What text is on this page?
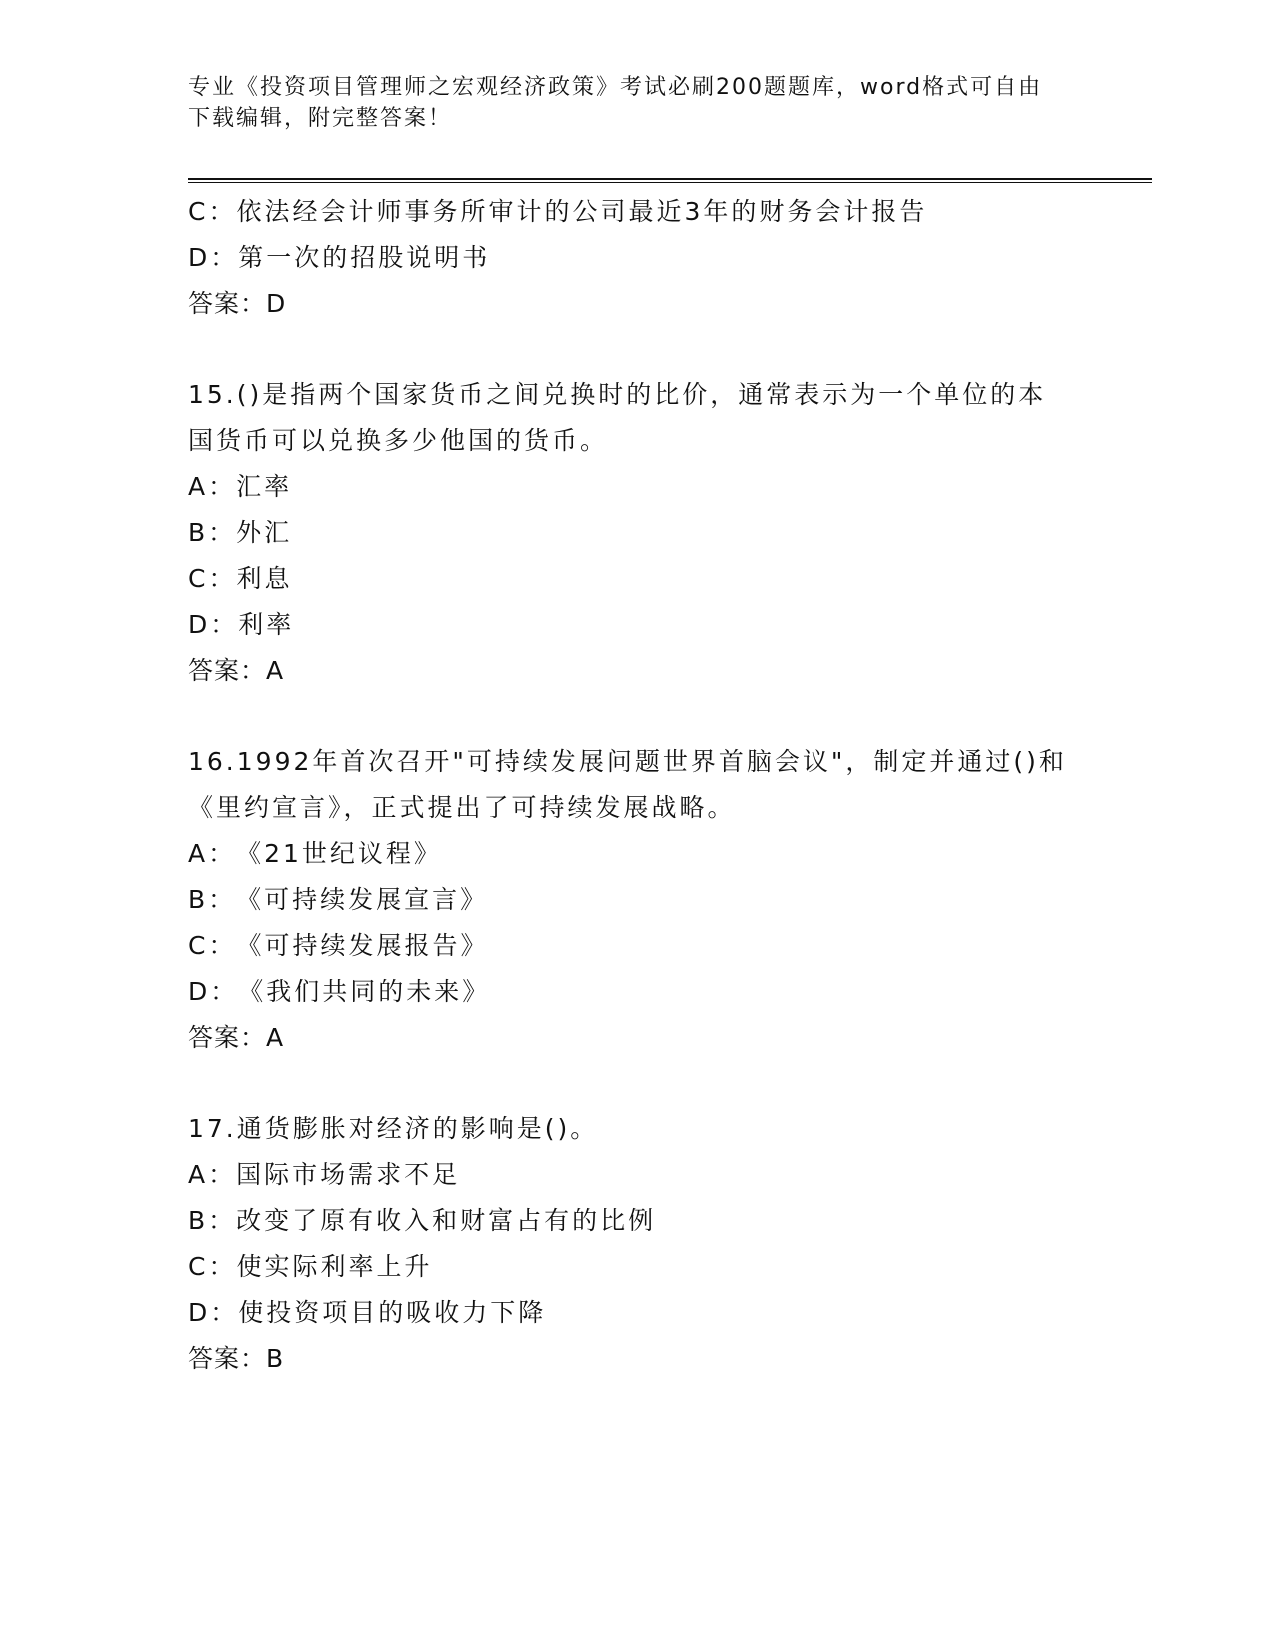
专业《投资项目管理师之宏观经济政策》考试必刷200题题库，word格式可自由
下载编辑，附完整答案！
C：依法经会计师事务所审计的公司最近3年的财务会计报告
D：第一次的招股说明书
答案：D
15.()是指两个国家货币之间兑换时的比价，通常表示为一个单位的本
国货币可以兑换多少他国的货币。
A：汇率
B：外汇
C：利息
D：利率
答案：A
16.1992年首次召开"可持续发展问题世界首脑会议"，制定并通过()和
《里约宣言》，正式提出了可持续发展战略。
A：《21世纪议程》
B：《可持续发展宣言》
C：《可持续发展报告》
D：《我们共同的未来》
答案：A
17.通货膨胀对经济的影响是()。
A：国际市场需求不足
B：改变了原有收入和财富占有的比例
C：使实际利率上升
D：使投资项目的吸收力下降
答案：B
